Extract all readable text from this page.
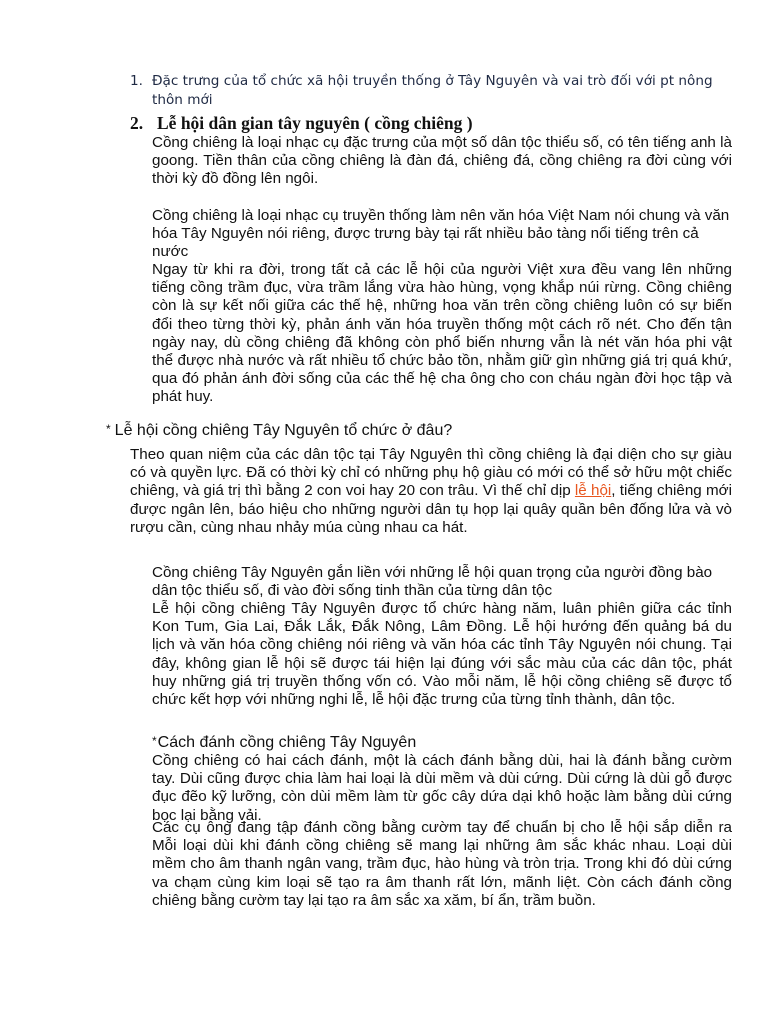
1. Đặc trưng của tổ chức xã hội truyền thống ở Tây Nguyên và vai trò đối với pt nông thôn mới
2. Lễ hội dân gian tây nguyên ( cồng chiêng )

Cồng chiêng là loại nhạc cụ đặc trưng của một số dân tộc thiểu số, có tên tiếng anh là goong. Tiền thân của cồng chiêng là đàn đá, chiêng đá, cồng chiêng ra đời cùng với thời kỳ đồ đồng lên ngôi.

Cồng chiêng là loại nhạc cụ truyền thống làm nên văn hóa Việt Nam nói chung và văn hóa Tây Nguyên nói riêng, được trưng bày tại rất nhiều bảo tàng nổi tiếng trên cả nước

Ngay từ khi ra đời, trong tất cả các lễ hội của người Việt xưa đều vang lên những tiếng cồng trầm đục, vừa trầm lắng vừa hào hùng, vọng khắp núi rừng. Cồng chiêng còn là sự kết nối giữa các thế hệ, những hoa văn trên cồng chiêng luôn có sự biến đổi theo từng thời kỳ, phản ánh văn hóa truyền thống một cách rõ nét. Cho đến tận ngày nay, dù cồng chiêng đã không còn phổ biến nhưng vẫn là nét văn hóa phi vật thể được nhà nước và rất nhiều tổ chức bảo tồn, nhằm giữ gìn những giá trị quá khứ, qua đó phản ánh đời sống của các thế hệ cha ông cho con cháu ngàn đời học tập và phát huy.

* Lễ hội cồng chiêng Tây Nguyên tổ chức ở đâu?

Theo quan niệm của các dân tộc tại Tây Nguyên thì cồng chiêng là đại diện cho sự giàu có và quyền lực. Đã có thời kỳ chỉ có những phụ hộ giàu có mới có thể sở hữu một chiếc chiêng, và giá trị thì bằng 2 con voi hay 20 con trâu. Vì thế chỉ dịp lễ hội, tiếng chiêng mới được ngân lên, báo hiệu cho những người dân tụ họp lại quây quần bên đống lửa và vò rượu cần, cùng nhau nhảy múa cùng nhau ca hát.

Cồng chiêng Tây Nguyên gắn liền với những lễ hội quan trọng của người đồng bào dân tộc thiểu số, đi vào đời sống tinh thần của từng dân tộc

Lễ hội cồng chiêng Tây Nguyên được tổ chức hàng năm, luân phiên giữa các tỉnh Kon Tum, Gia Lai, Đắk Lắk, Đắk Nông, Lâm Đồng. Lễ hội hướng đến quảng bá du lịch và văn hóa cồng chiêng nói riêng và văn hóa các tỉnh Tây Nguyên nói chung. Tại đây, không gian lễ hội sẽ được tái hiện lại đúng với sắc màu của các dân tộc, phát huy những giá trị truyền thống vốn có. Vào mỗi năm, lễ hội cồng chiêng sẽ được tổ chức kết hợp với những nghi lễ, lễ hội đặc trưng của từng tỉnh thành, dân tộc.

*Cách đánh cồng chiêng Tây Nguyên

Cồng chiêng có hai cách đánh, một là cách đánh bằng dùi, hai là đánh bằng cườm tay. Dùi cũng được chia làm hai loại là dùi mềm và dùi cứng. Dùi cứng là dùi gỗ được đục đẽo kỹ lưỡng, còn dùi mềm làm từ gốc cây dứa dại khô hoặc làm bằng dùi cứng bọc lại bằng vải.

Các cụ ông đang tập đánh cồng bằng cườm tay để chuẩn bị cho lễ hội sắp diễn ra Mỗi loại dùi khi đánh cồng chiêng sẽ mang lại những âm sắc khác nhau. Loại dùi mềm cho âm thanh ngân vang, trầm đục, hào hùng và tròn trịa. Trong khi đó dùi cứng va chạm cùng kim loại sẽ tạo ra âm thanh rất lớn, mãnh liệt. Còn cách đánh cồng chiêng bằng cườm tay lại tạo ra âm sắc xa xăm, bí ẩn, trầm buồn.
